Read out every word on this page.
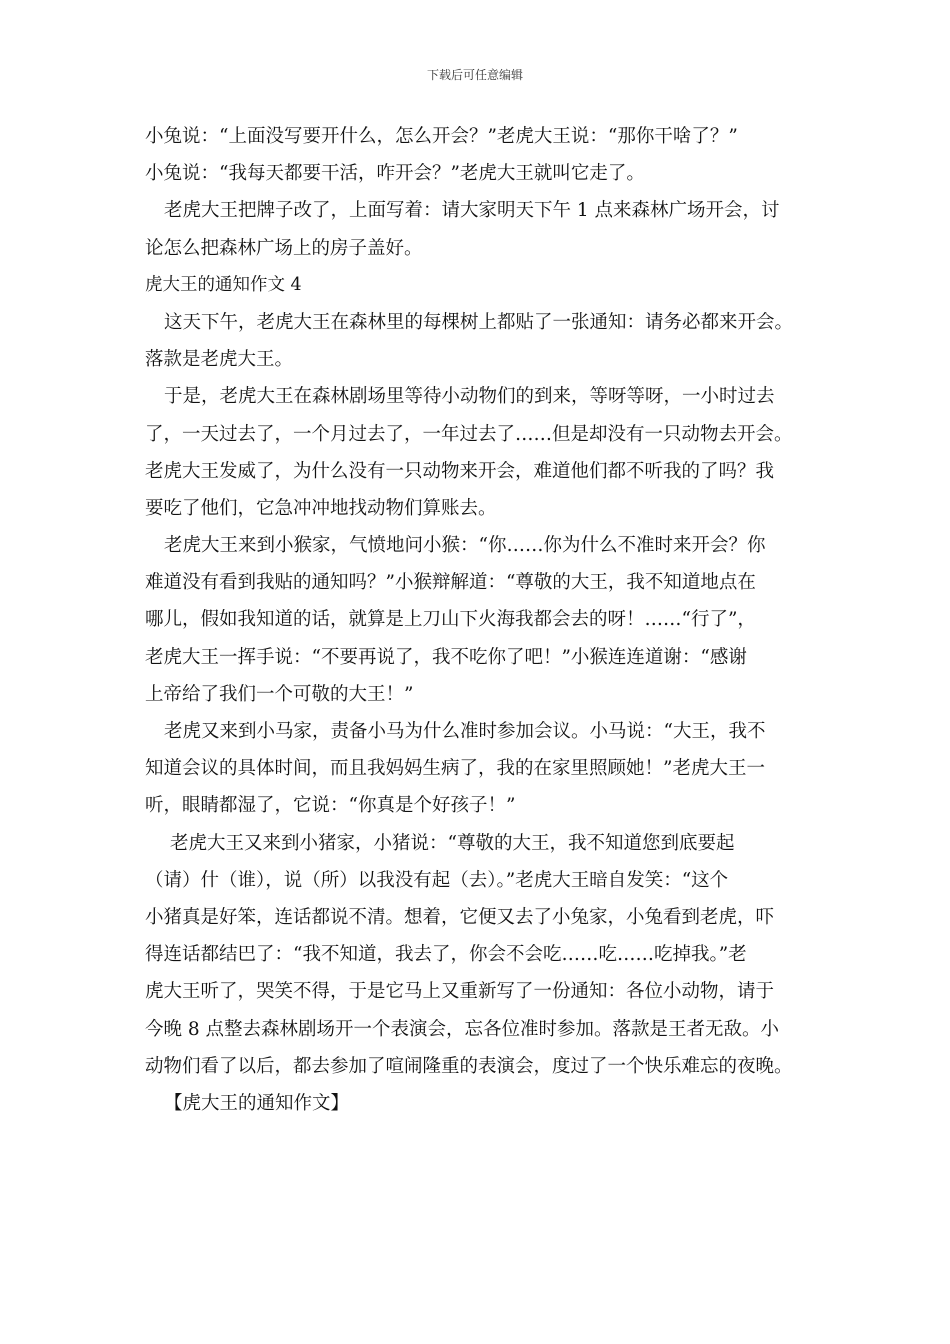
下载后可任意编辑
小兔说：“上面没写要开什么，怎么开会？”老虎大王说：“那你干啥了？”
小兔说：“我每天都要干活，咋开会？”老虎大王就叫它走了。
老虎大王把牌子改了，上面写着：请大家明天下午 1 点来森林广场开会，讨
论怎么把森林广场上的房子盖好。
虎大王的通知作文 4
这天下午，老虎大王在森林里的每棵树上都贴了一张通知：请务必都来开会。
落款是老虎大王。
于是，老虎大王在森林剧场里等待小动物们的到来，等呀等呀，一小时过去
了，一天过去了，一个月过去了，一年过去了……但是却没有一只动物去开会。
老虎大王发威了，为什么没有一只动物来开会，难道他们都不听我的了吗？我
要吃了他们，它急冲冲地找动物们算账去。
老虎大王来到小猴家，气愤地问小猴：“你……你为什么不准时来开会？你
难道没有看到我贴的通知吗？”小猴辩解道：“尊敬的大王，我不知道地点在
哪儿，假如我知道的话，就算是上刀山下火海我都会去的呀！……“行了”，
老虎大王一挥手说：“不要再说了，我不吃你了吧！”小猴连连道谢：“感谢
上帝给了我们一个可敬的大王！”
老虎又来到小马家，责备小马为什么准时参加会议。小马说：“大王，我不
知道会议的具体时间，而且我妈妈生病了，我的在家里照顾她！”老虎大王一
听，眼睛都湿了，它说：“你真是个好孩子！”
老虎大王又来到小猪家，小猪说：“尊敬的大王，我不知道您到底要起
（请）什（谁），说（所）以我没有起（去）。”老虎大王暗自发笑：“这个
小猪真是好笨，连话都说不清。想着，它便又去了小兔家，小兔看到老虎，吓
得连话都结巴了：“我不知道，我去了，你会不会吃……吃……吃掉我。”老
虎大王听了，哭笑不得，于是它马上又重新写了一份通知：各位小动物，请于
今晚 8 点整去森林剧场开一个表演会，忘各位准时参加。落款是王者无敌。小
动物们看了以后，都去参加了喧闹隆重的表演会，度过了一个快乐难忘的夜晚。
【虎大王的通知作文】
